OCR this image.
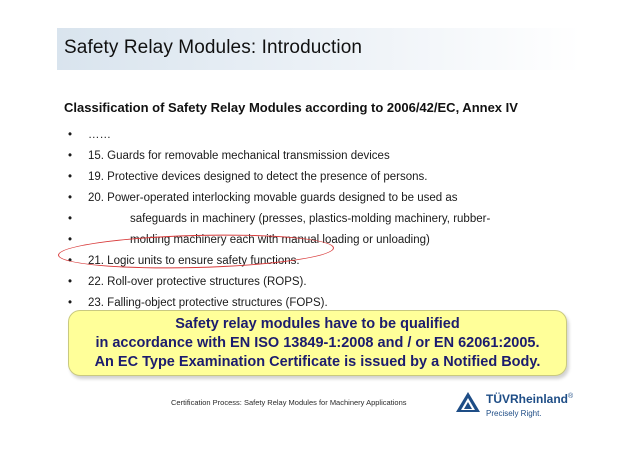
Safety Relay Modules: Introduction
Classification of Safety Relay Modules according to 2006/42/EC, Annex IV
•	……
•	15. Guards for removable mechanical transmission devices
•	19. Protective devices designed to detect the presence of persons.
•	20. Power-operated interlocking movable guards designed to be used as
•	safeguards in machinery (presses, plastics-molding machinery, rubber-
•	molding machinery each with manual loading or unloading)
•	21. Logic units to ensure safety functions.
•	22. Roll-over protective structures (ROPS).
•	23. Falling-object protective structures (FOPS).
Safety relay modules have to be qualified
in accordance with EN ISO 13849-1:2008 and / or EN 62061:2005.
An EC Type Examination Certificate is issued by a Notified Body.
Certification Process: Safety Relay Modules for Machinery Applications	TÜVRheinland®
Precisely Right.
